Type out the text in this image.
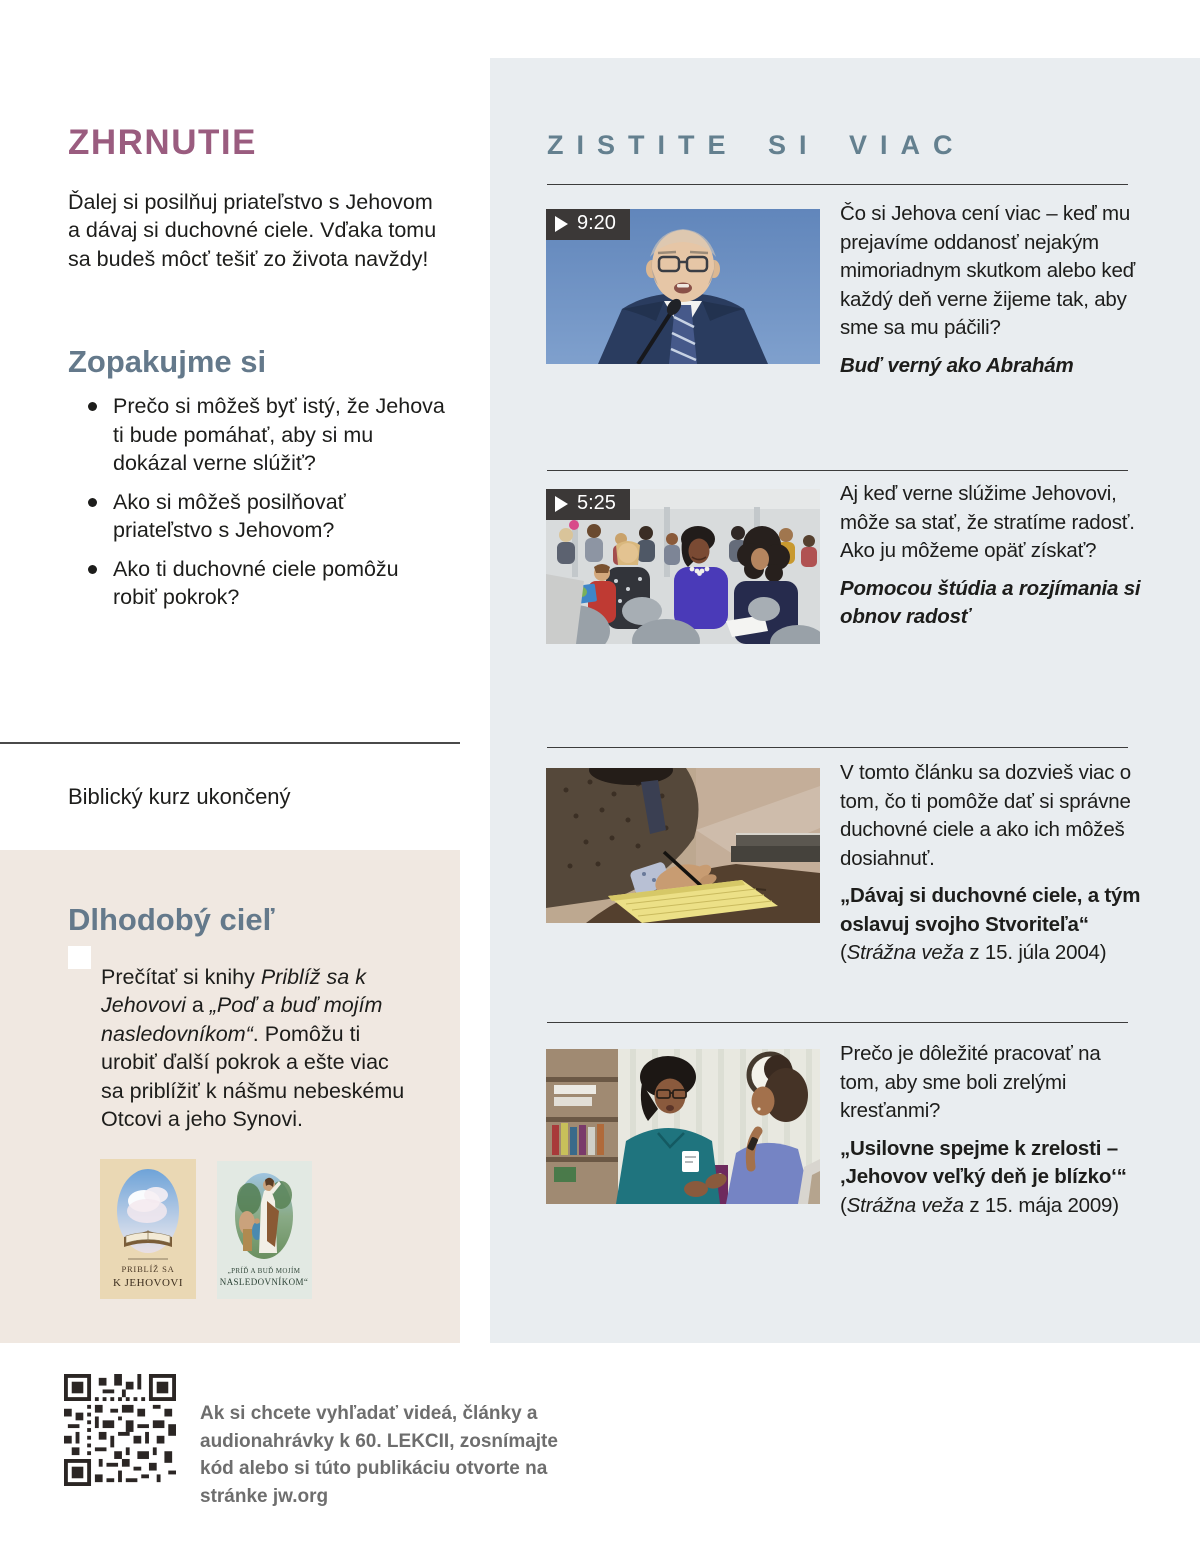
ZHRNUTIE

Ďalej si posilňuj priateľstvo s Jehovom a dávaj si duchovné ciele. Vďaka tomu sa budeš môcť tešiť zo života navždy!

Zopakujme si
Prečo si môžeš byť istý, že Jehova ti bude pomáhať, aby si mu dokázal verne slúžiť?
Ako si môžeš posilňovať priateľstvo s Jehovom?
Ako ti duchovné ciele pomôžu robiť pokrok?

Biblický kurz ukončený

Dlhodobý cieľ

Prečítať si knihy Priblíž sa k Jehovovi a „Poď a buď mojím nasledovníkom“. Pomôžu ti urobiť ďalší pokrok a ešte viac sa priblížiť k nášmu nebeskému Otcovi a jeho Synovi.

PRIBLÍŽ SA
K JEHOVOVI
„PRÍĎ A BUĎ MOJÍM
NASLEDOVNÍKOM“

Ak si chcete vyhľadať videá, články a audionahrávky k 60. LEKCII, zosnímajte kód alebo si túto publikáciu otvorte na stránke jw.org

ZISTITE SI VIAC
9:20	Čo si Jehova cení viac – keď mu prejavíme oddanosť nejakým mimoriadnym skutkom alebo keď každý deň verne žijeme tak, aby sme sa mu páčili?

Buď verný ako Abrahám

5:25	Aj keď verne slúžime Jehovovi, môže sa stať, že stratíme radosť. Ako ju môžeme opäť získať?

Pomocou štúdia a rozjímania si obnov radosť

V tomto článku sa dozvieš viac o tom, čo ti pomôže dať si správne duchovné ciele a ako ich môžeš dosiahnuť.

„Dávaj si duchovné ciele, a tým oslavuj svojho Stvoriteľa“

(Strážna veža z 15. júla 2004)

Prečo je dôležité pracovať na tom, aby sme boli zrelými kresťanmi?

„Usilovne spejme k zrelosti – ‚Jehovov veľký deň je blízko‘“

(Strážna veža z 15. mája 2009)
